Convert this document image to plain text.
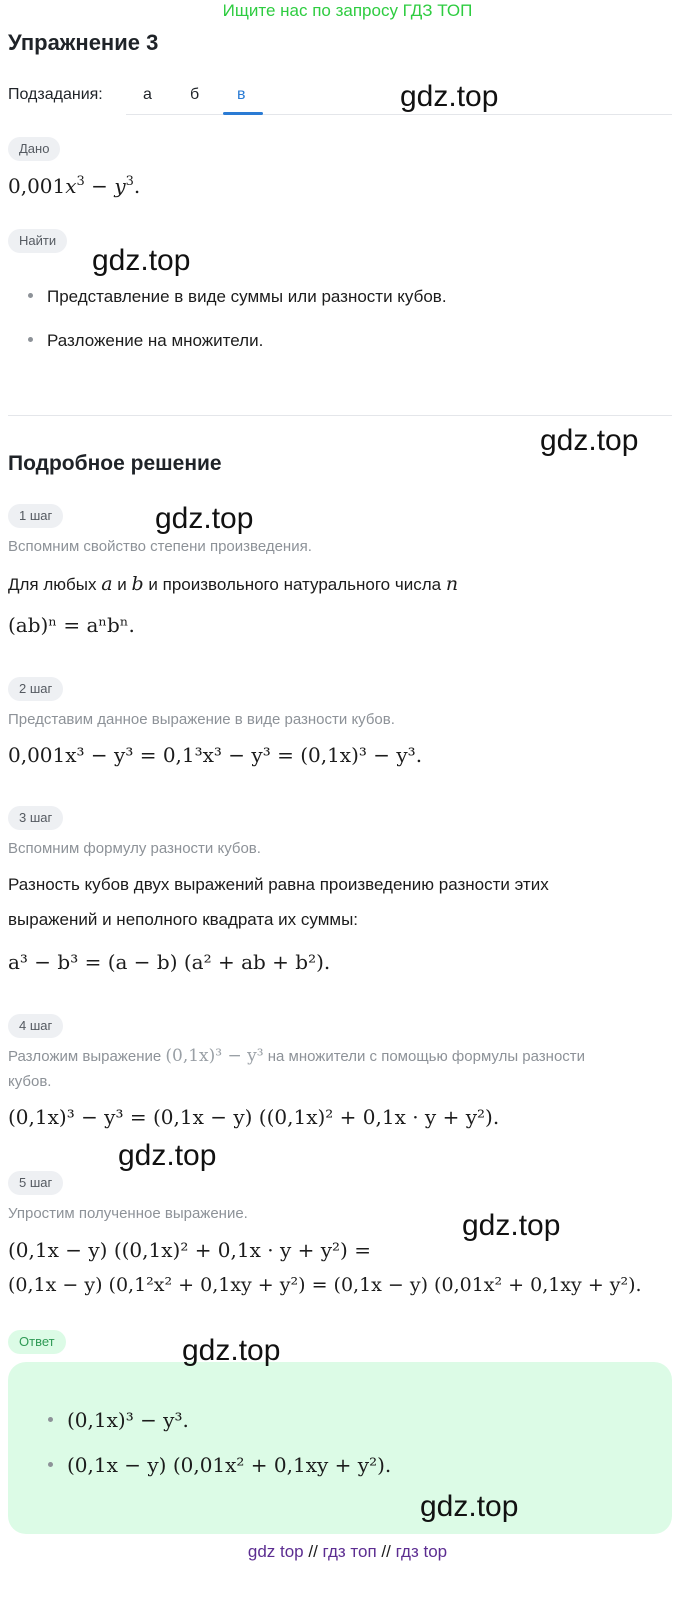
Ищите нас по запросу ГДЗ ТОП
Упражнение 3
Подзадания:	а б в
Дано
$0,001x^3 - y^3$.
Найти
Представление в виде суммы или разности кубов.
Разложение на множители.
Подробное решение
1 шаг
Вспомним свойство степени произведения.
Для любых a и b и произвольного натурального числа n
(ab)ⁿ = aⁿbⁿ.
2 шаг
Представим данное выражение в виде разности кубов.
0,001x³ − y³ = 0,1³x³ − y³ = (0,1x)³ − y³.
3 шаг
Вспомним формулу разности кубов.
Разность кубов двух выражений равна произведению разности этих
выражений и неполного квадрата их суммы:
a³ − b³ = (a − b) (a² + ab + b²).
4 шаг
Разложим выражение (0,1x)³ − y³ на множители с помощью формулы разности
кубов.
(0,1x)³ − y³ = (0,1x − y) ((0,1x)² + 0,1x · y + y²).
5 шаг
Упростим полученное выражение.
(0,1x − y) ((0,1x)² + 0,1x · y + y²) =
(0,1x − y) (0,1²x² + 0,1xy + y²) = (0,1x − y) (0,01x² + 0,1xy + y²).
Ответ
(0,1x)³ − y³.
(0,1x − y) (0,01x² + 0,1xy + y²).
gdz.top
gdz.top
gdz.top
gdz.top
gdz.top
gdz.top
gdz.top
gdz.top
gdz top // гдз топ // гдз top
